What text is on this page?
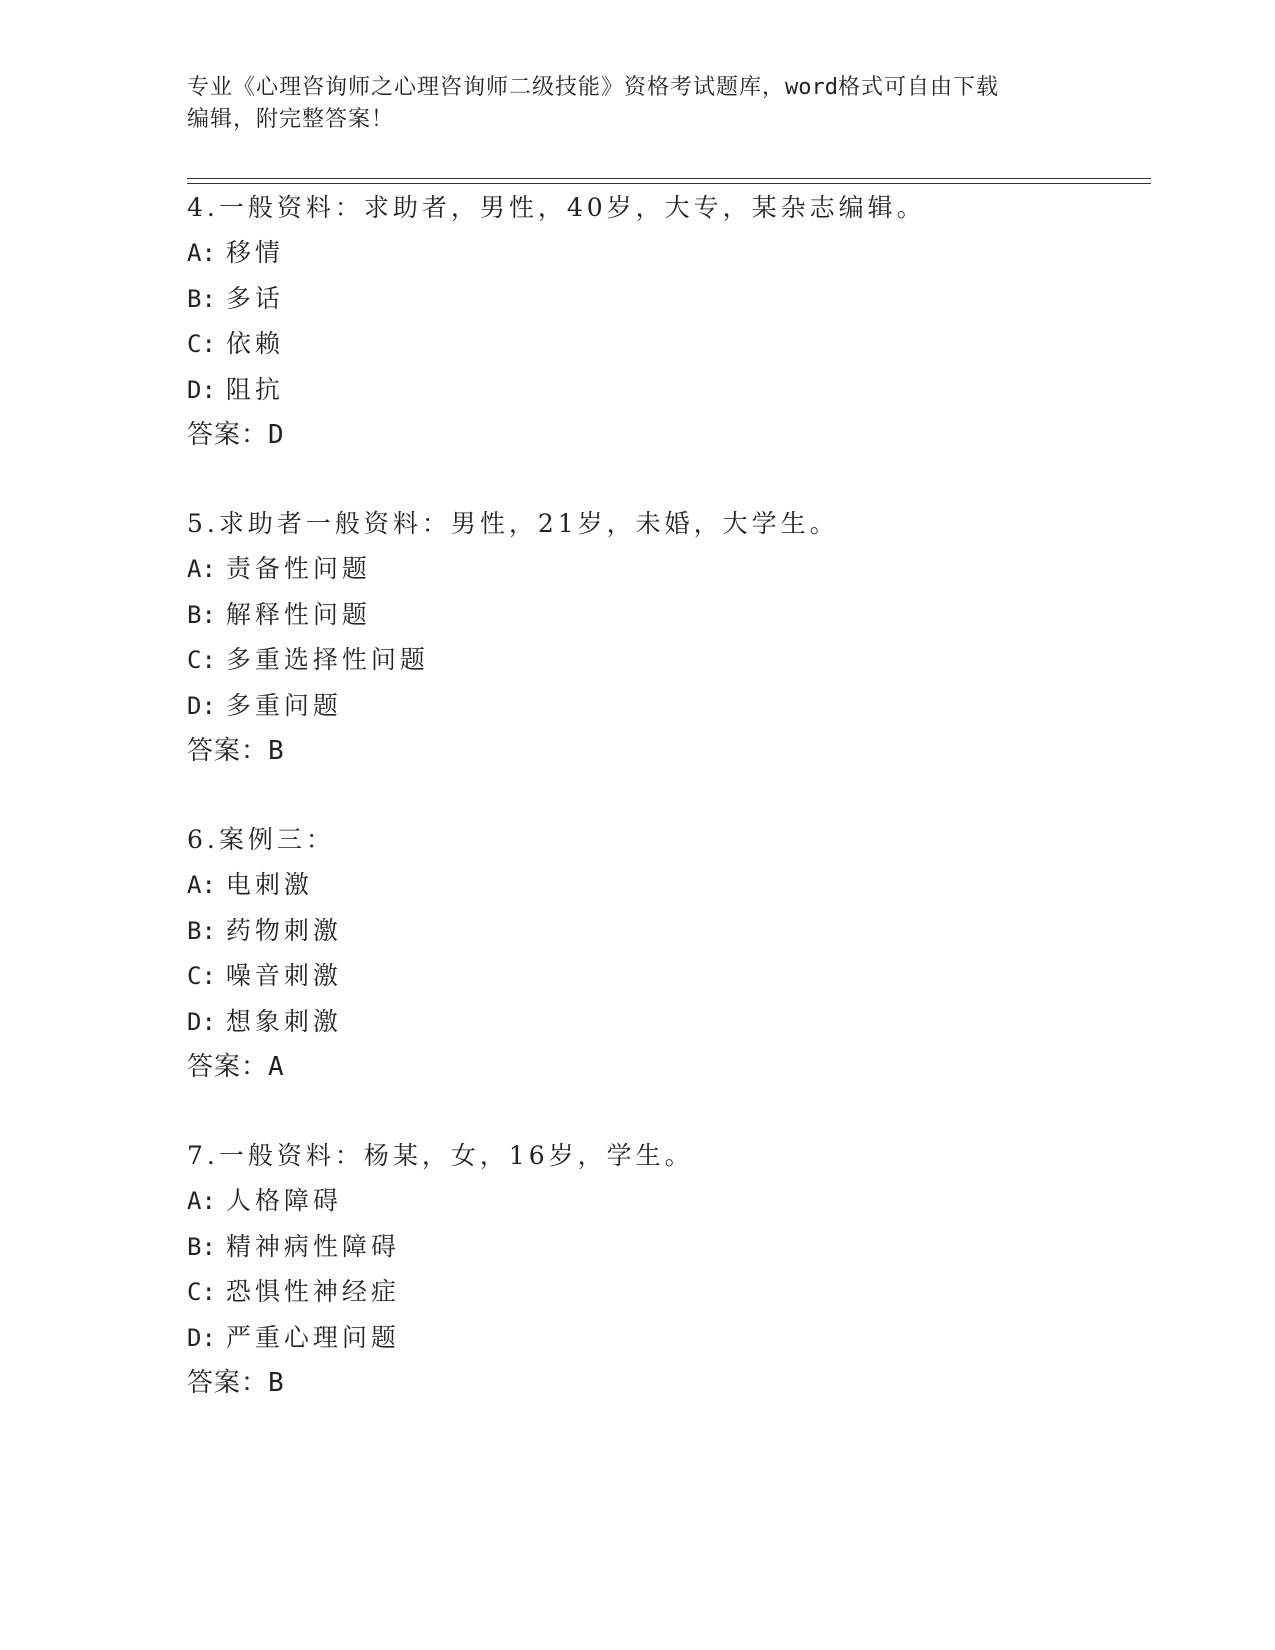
专业《心理咨询师之心理咨询师二级技能》资格考试题库，word格式可自由下载
编辑，附完整答案！
4.一般资料：求助者，男性，40岁，大专，某杂志编辑。
A: 移情
B: 多话
C: 依赖
D: 阻抗
答案：D
5.求助者一般资料：男性，21岁，未婚，大学生。
A: 责备性问题
B: 解释性问题
C: 多重选择性问题
D: 多重问题
答案：B
6.案例三：
A: 电刺激
B: 药物刺激
C: 噪音刺激
D: 想象刺激
答案：A
7.一般资料：杨某，女，16岁，学生。
A: 人格障碍
B: 精神病性障碍
C: 恐惧性神经症
D: 严重心理问题
答案：B
